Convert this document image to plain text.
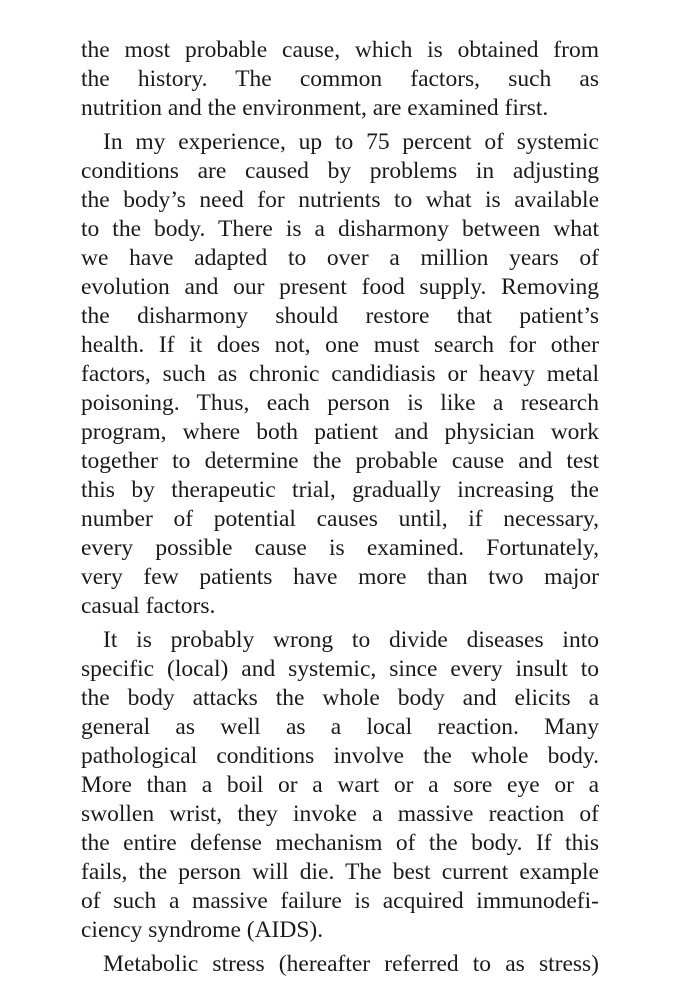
the most probable cause, which is obtained from
the history. The common factors, such as
nutrition and the environment, are examined first.
In my experience, up to 75 percent of systemic
conditions are caused by problems in adjusting
the body’s need for nutrients to what is available
to the body. There is a disharmony between what
we have adapted to over a million years of
evolution and our present food supply. Removing
the disharmony should restore that patient’s
health. If it does not, one must search for other
factors, such as chronic candidiasis or heavy metal
poisoning. Thus, each person is like a research
program, where both patient and physician work
together to determine the probable cause and test
this by therapeutic trial, gradually increasing the
number of potential causes until, if necessary,
every possible cause is examined. Fortunately,
very few patients have more than two major
casual factors.
It is probably wrong to divide diseases into
specific (local) and systemic, since every insult to
the body attacks the whole body and elicits a
general as well as a local reaction. Many
pathological conditions involve the whole body.
More than a boil or a wart or a sore eye or a
swollen wrist, they invoke a massive reaction of
the entire defense mechanism of the body. If this
fails, the person will die. The best current example
of such a massive failure is acquired immunodefi-
ciency syndrome (AIDS).
Metabolic stress (hereafter referred to as stress)
